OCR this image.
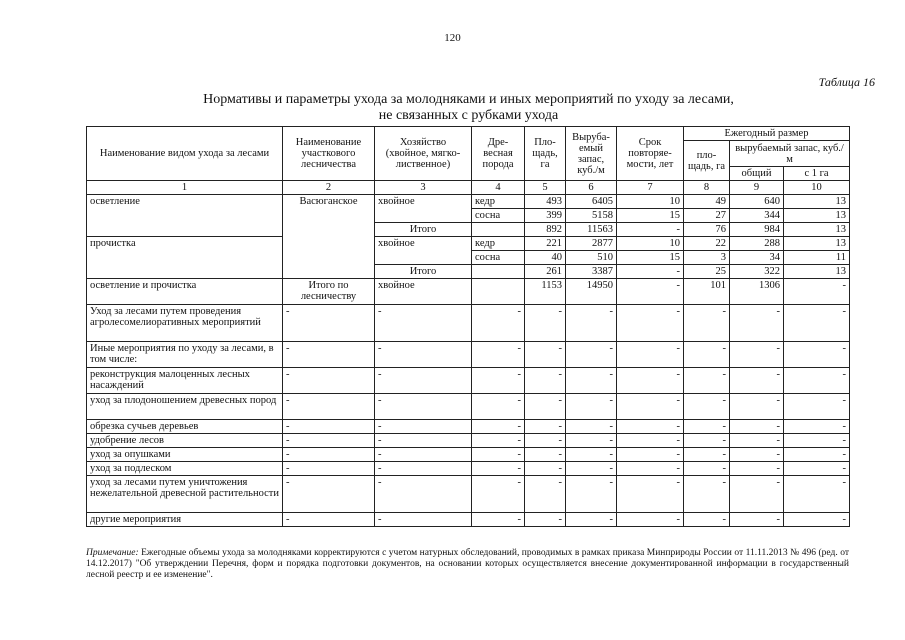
120
Таблица 16
Нормативы и параметры ухода за молодняками и иных мероприятий по уходу за лесами,
не связанных с рубками ухода
Наименование видом ухода за лесами	Наименование участкового лесничества	Хозяйство (хвойное, мягко-лиственное)	Дре-весная порода	Пло-щадь, га	Выруба-емый запас, куб./м	Срок повторяе-мости, лет	Ежегодный размер		
							пло-щадь, га	вырубаемый запас, куб./м	
								общий	с 1 га
1	2	3	4	5	6	7	8	9	10
осветление	Васюганское	хвойное	кедр	493	6405	10	49	640	13
			сосна	399	5158	15	27	344	13
		Итого		892	11563	-	76	984	13
прочистка		хвойное	кедр	221	2877	10	22	288	13
			сосна	40	510	15	3	34	11
		Итого		261	3387	-	25	322	13
осветление и прочистка	Итого по лесничеству	хвойное		1153	14950	-	101	1306	-
Уход за лесами путем проведения агролесомелиоративных мероприятий	-	-	-	-	-	-	-	-	-
Иные мероприятия по уходу за лесами, в том числе:	-	-	-	-	-	-	-	-	-
реконструкция малоценных лесных насаждений	-	-	-	-	-	-	-	-	-
уход за плодоношением древесных пород	-	-	-	-	-	-	-	-	-
обрезка сучьев деревьев	-	-	-	-	-	-	-	-	-
удобрение лесов	-	-	-	-	-	-	-	-	-
уход за опушками	-	-	-	-	-	-	-	-	-
уход за подлеском	-	-	-	-	-	-	-	-	-
уход за лесами путем уничтожения нежелательной древесной растительности	-	-	-	-	-	-	-	-	-
другие мероприятия	-	-	-	-	-	-	-	-	-
Примечание: Ежегодные объемы ухода за молодняками корректируются с учетом натурных обследований, проводимых в рамках приказа Минприроды России от 11.11.2013 № 496 (ред. от 14.12.2017) "Об утверждении Перечня, форм и порядка подготовки документов, на основании которых осуществляется внесение документированной информации в государственный лесной реестр и ее изменение".
